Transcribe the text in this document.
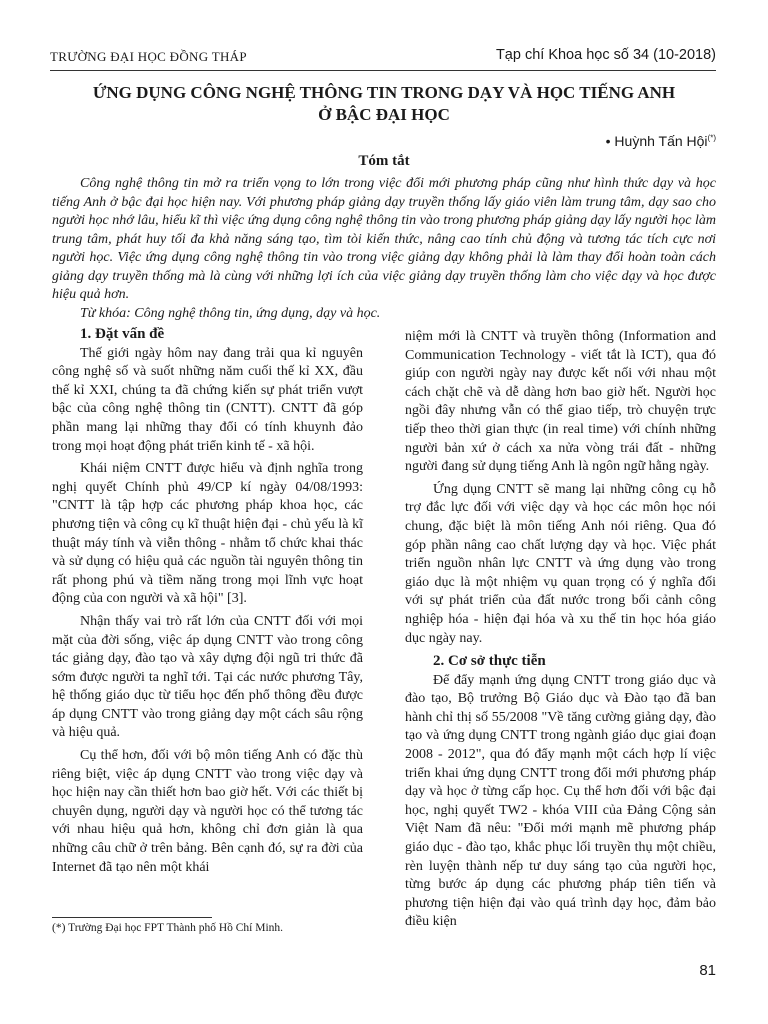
TRƯỜNG ĐẠI HỌC ĐỒNG THÁP	Tạp chí Khoa học số 34 (10-2018)
ỨNG DỤNG CÔNG NGHỆ THÔNG TIN TRONG DẠY VÀ HỌC TIẾNG ANH
Ở BẬC ĐẠI HỌC
• Huỳnh Tấn Hội(*)
Tóm tắt

Công nghệ thông tin mở ra triển vọng to lớn trong việc đổi mới phương pháp cũng như hình thức dạy và học tiếng Anh ở bậc đại học hiện nay. Với phương pháp giảng dạy truyền thống lấy giáo viên làm trung tâm, dạy sao cho người học nhớ lâu, hiểu kĩ thì việc ứng dụng công nghệ thông tin vào trong phương pháp giảng dạy lấy người học làm trung tâm, phát huy tối đa khả năng sáng tạo, tìm tòi kiến thức, nâng cao tính chủ động và tương tác tích cực nơi người học. Việc ứng dụng công nghệ thông tin vào trong việc giảng dạy không phải là làm thay đổi hoàn toàn cách giảng dạy truyền thống mà là cùng với những lợi ích của việc giảng dạy truyền thống làm cho việc dạy và học được hiệu quả hơn.

Từ khóa: Công nghệ thông tin, ứng dụng, dạy và học.

1. Đặt vấn đề

Thế giới ngày hôm nay đang trải qua kỉ nguyên công nghệ số và suốt những năm cuối thế kỉ XX, đầu thế kỉ XXI, chúng ta đã chứng kiến sự phát triển vượt bậc của công nghệ thông tin (CNTT). CNTT đã góp phần mang lại những thay đổi có tính khuynh đảo trong mọi hoạt động phát triển kinh tế - xã hội.

Khái niệm CNTT được hiểu và định nghĩa trong nghị quyết Chính phủ 49/CP kí ngày 04/08/1993: "CNTT là tập hợp các phương pháp khoa học, các phương tiện và công cụ kĩ thuật hiện đại - chủ yếu là kĩ thuật máy tính và viễn thông - nhằm tổ chức khai thác và sử dụng có hiệu quả các nguồn tài nguyên thông tin rất phong phú và tiềm năng trong mọi lĩnh vực hoạt động của con người và xã hội" [3].

Nhận thấy vai trò rất lớn của CNTT đối với mọi mặt của đời sống, việc áp dụng CNTT vào trong công tác giảng dạy, đào tạo và xây dựng đội ngũ tri thức đã sớm được người ta nghĩ tới. Tại các nước phương Tây, hệ thống giáo dục từ tiểu học đến phổ thông đều được áp dụng CNTT vào trong giảng dạy một cách sâu rộng và hiệu quả.

Cụ thể hơn, đối với bộ môn tiếng Anh có đặc thù riêng biệt, việc áp dụng CNTT vào trong việc dạy và học hiện nay cần thiết hơn bao giờ hết. Với các thiết bị chuyên dụng, người dạy và người học có thể tương tác với nhau hiệu quả hơn, không chỉ đơn giản là qua những câu chữ ở trên bảng. Bên cạnh đó, sự ra đời của Internet đã tạo nên một khái

niệm mới là CNTT và truyền thông (Information and Communication Technology - viết tắt là ICT), qua đó giúp con người ngày nay được kết nối với nhau một cách chặt chẽ và dễ dàng hơn bao giờ hết. Người học ngồi đây nhưng vẫn có thể giao tiếp, trò chuyện trực tiếp theo thời gian thực (in real time) với chính những người bản xứ ở cách xa nửa vòng trái đất - những người đang sử dụng tiếng Anh là ngôn ngữ hằng ngày.

Ứng dụng CNTT sẽ mang lại những công cụ hỗ trợ đắc lực đối với việc dạy và học các môn học nói chung, đặc biệt là môn tiếng Anh nói riêng. Qua đó góp phần nâng cao chất lượng dạy và học. Việc phát triển nguồn nhân lực CNTT và ứng dụng vào trong giáo dục là một nhiệm vụ quan trọng có ý nghĩa đối với sự phát triển của đất nước trong bối cảnh công nghiệp hóa - hiện đại hóa và xu thế tin học hóa giáo dục ngày nay.

2. Cơ sở thực tiễn

Để đẩy mạnh ứng dụng CNTT trong giáo dục và đào tạo, Bộ trưởng Bộ Giáo dục và Đào tạo đã ban hành chỉ thị số 55/2008 "Về tăng cường giảng dạy, đào tạo và ứng dụng CNTT trong ngành giáo dục giai đoạn 2008 - 2012", qua đó đẩy mạnh một cách hợp lí việc triển khai ứng dụng CNTT trong đổi mới phương pháp dạy và học ở từng cấp học. Cụ thể hơn đối với bậc đại học, nghị quyết TW2 - khóa VIII của Đảng Cộng sản Việt Nam đã nêu: "Đổi mới mạnh mẽ phương pháp giáo dục - đào tạo, khắc phục lối truyền thụ một chiều, rèn luyện thành nếp tư duy sáng tạo của người học, từng bước áp dụng các phương pháp tiên tiến và phương tiện hiện đại vào quá trình dạy học, đảm bảo điều kiện

(*) Trường Đại học FPT Thành phố Hồ Chí Minh.
81
